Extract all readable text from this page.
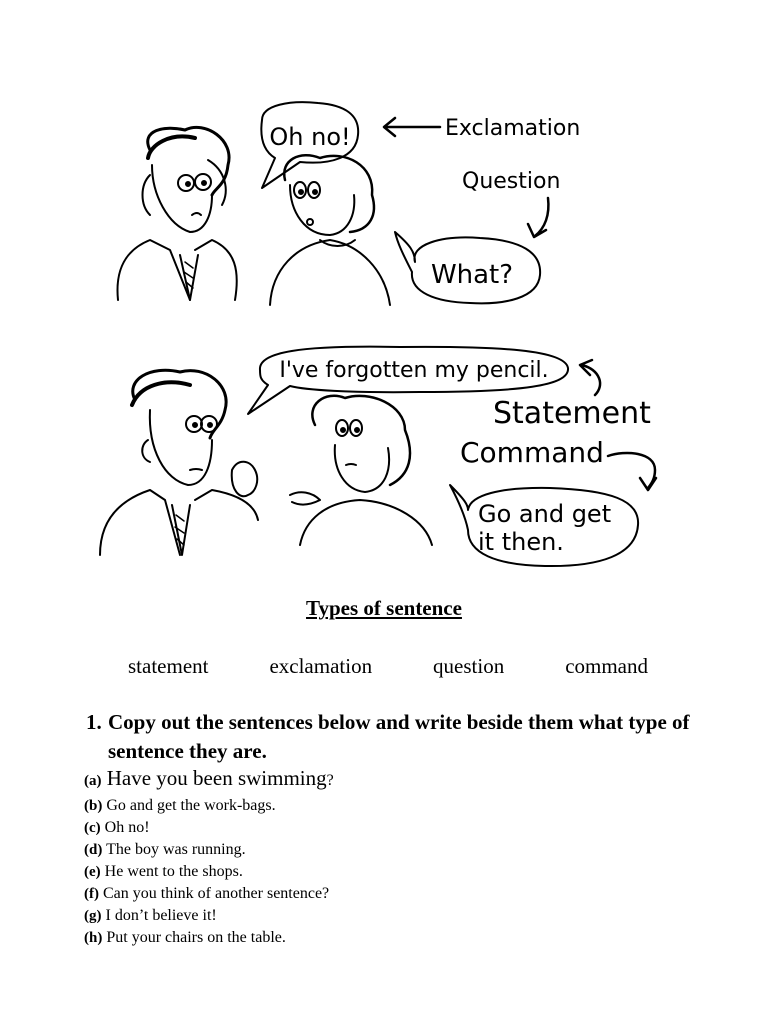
Oh no!	Exclamation
Question
What?
I've forgotten my pencil.
Statement
Command
Go and get
it then.
Types of sentence
statement	exclamation	question	command
1. Copy out the sentences below and write beside them what type of sentence they are.
(a) Have you been swimming?
(b) Go and get the work-bags.
(c) Oh no!
(d) The boy was running.
(e) He went to the shops.
(f) Can you think of another sentence?
(g) I don’t believe it!
(h) Put your chairs on the table.
